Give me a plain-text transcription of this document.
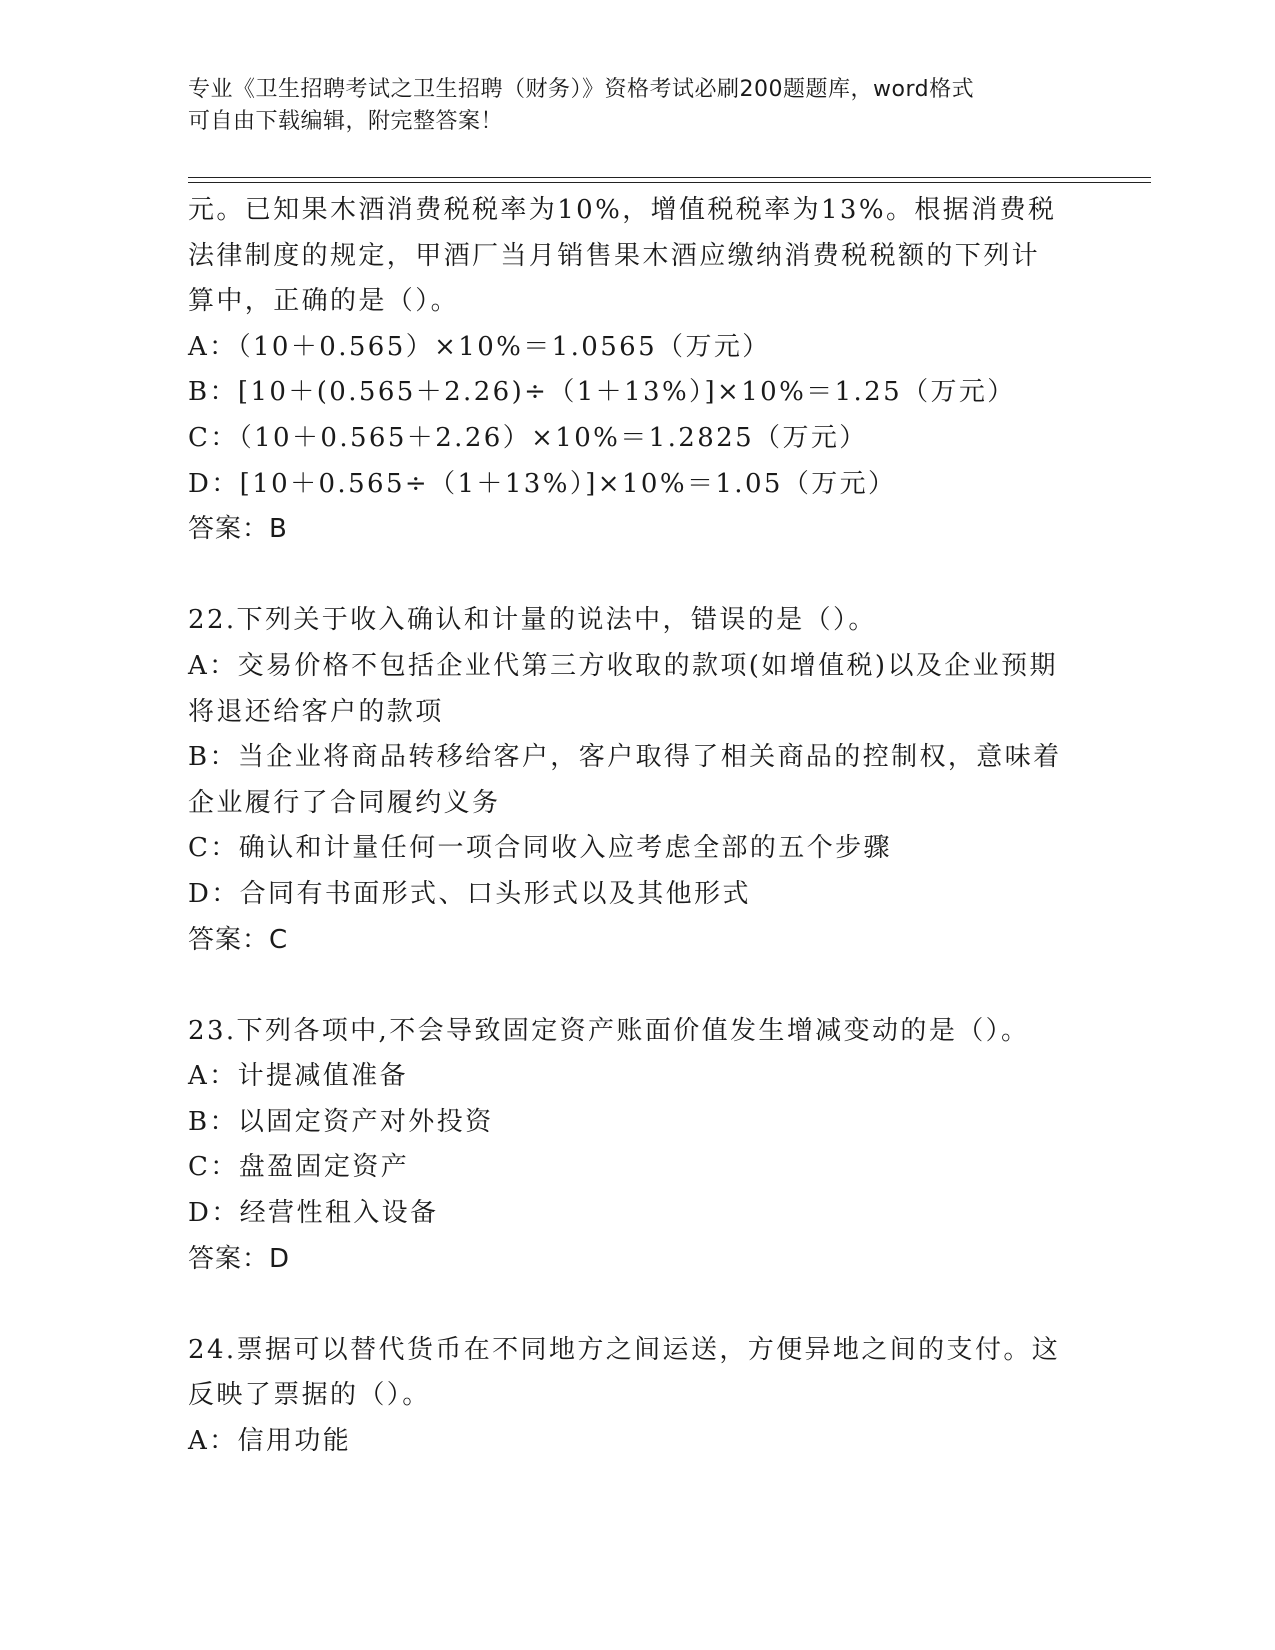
专业《卫生招聘考试之卫生招聘（财务）》资格考试必刷200题题库，word格式
可自由下载编辑，附完整答案！
元。已知果木酒消费税税率为10%，增值税税率为13%。根据消费税
法律制度的规定，甲酒厂当月销售果木酒应缴纳消费税税额的下列计
算中，正确的是（）。
A：（10＋0.565）×10%＝1.0565（万元）
B：[10＋(0.565＋2.26)÷（1＋13%）]×10%＝1.25（万元）
C：（10＋0.565＋2.26）×10%＝1.2825（万元）
D：[10＋0.565÷（1＋13%）]×10%＝1.05（万元）
答案：B
22.下列关于收入确认和计量的说法中，错误的是（）。
A：交易价格不包括企业代第三方收取的款项(如增值税)以及企业预期
将退还给客户的款项
B：当企业将商品转移给客户，客户取得了相关商品的控制权，意味着
企业履行了合同履约义务
C：确认和计量任何一项合同收入应考虑全部的五个步骤
D：合同有书面形式、口头形式以及其他形式
答案：C
23.下列各项中,不会导致固定资产账面价值发生增减变动的是（）。
A：计提减值准备
B：以固定资产对外投资
C：盘盈固定资产
D：经营性租入设备
答案：D
24.票据可以替代货币在不同地方之间运送，方便异地之间的支付。这
反映了票据的（）。
A：信用功能
